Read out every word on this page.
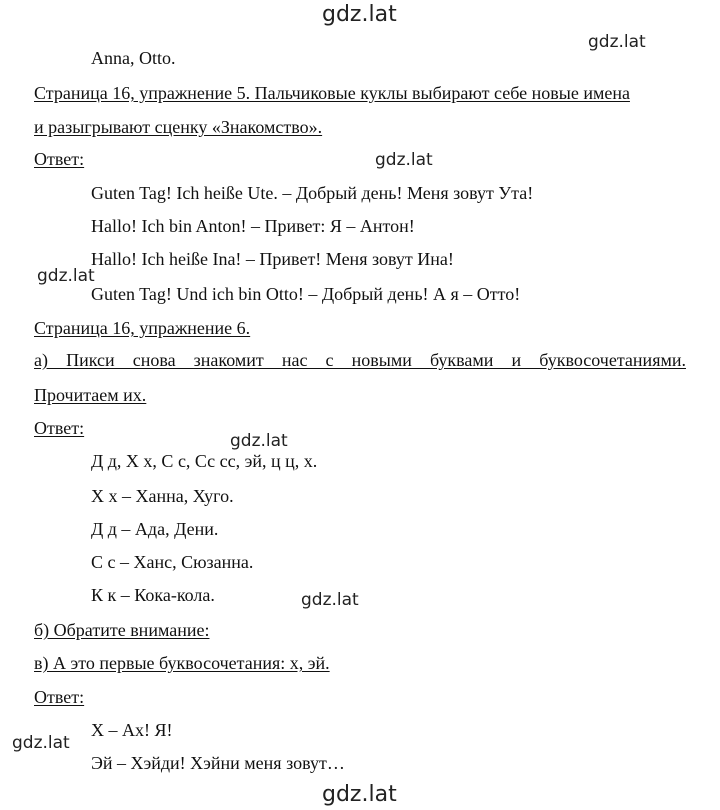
gdz.lat
gdz.lat
gdz.lat
gdz.lat
gdz.lat
gdz.lat
gdz.lat
gdz.lat
Anna, Otto.
Страница 16, упражнение 5. Пальчиковые куклы выбирают себе новые имена
и разыгрывают сценку «Знакомство».
Ответ:
Guten Tag! Ich heiße Ute. – Добрый день! Меня зовут Ута!
Hallo! Ich bin Anton! – Привет: Я – Антон!
Hallo! Ich heiße Ina! – Привет! Меня зовут Ина!
Guten Tag! Und ich bin Otto! – Добрый день! А я – Отто!
Страница 16, упражнение 6.
а) Пикси снова знакомит нас с новыми буквами и буквосочетаниями.
Прочитаем их.
Ответ:
Д д, Х х, С с, Сс сс, эй, ц ц, х.
Х х – Ханна, Хуго.
Д д – Ада, Дени.
С с – Ханс, Сюзанна.
К к – Кока-кола.
б) Обратите внимание:
в) А это первые буквосочетания: х, эй.
Ответ:
Х – Ах! Я!
Эй – Хэйди! Хэйни меня зовут…
